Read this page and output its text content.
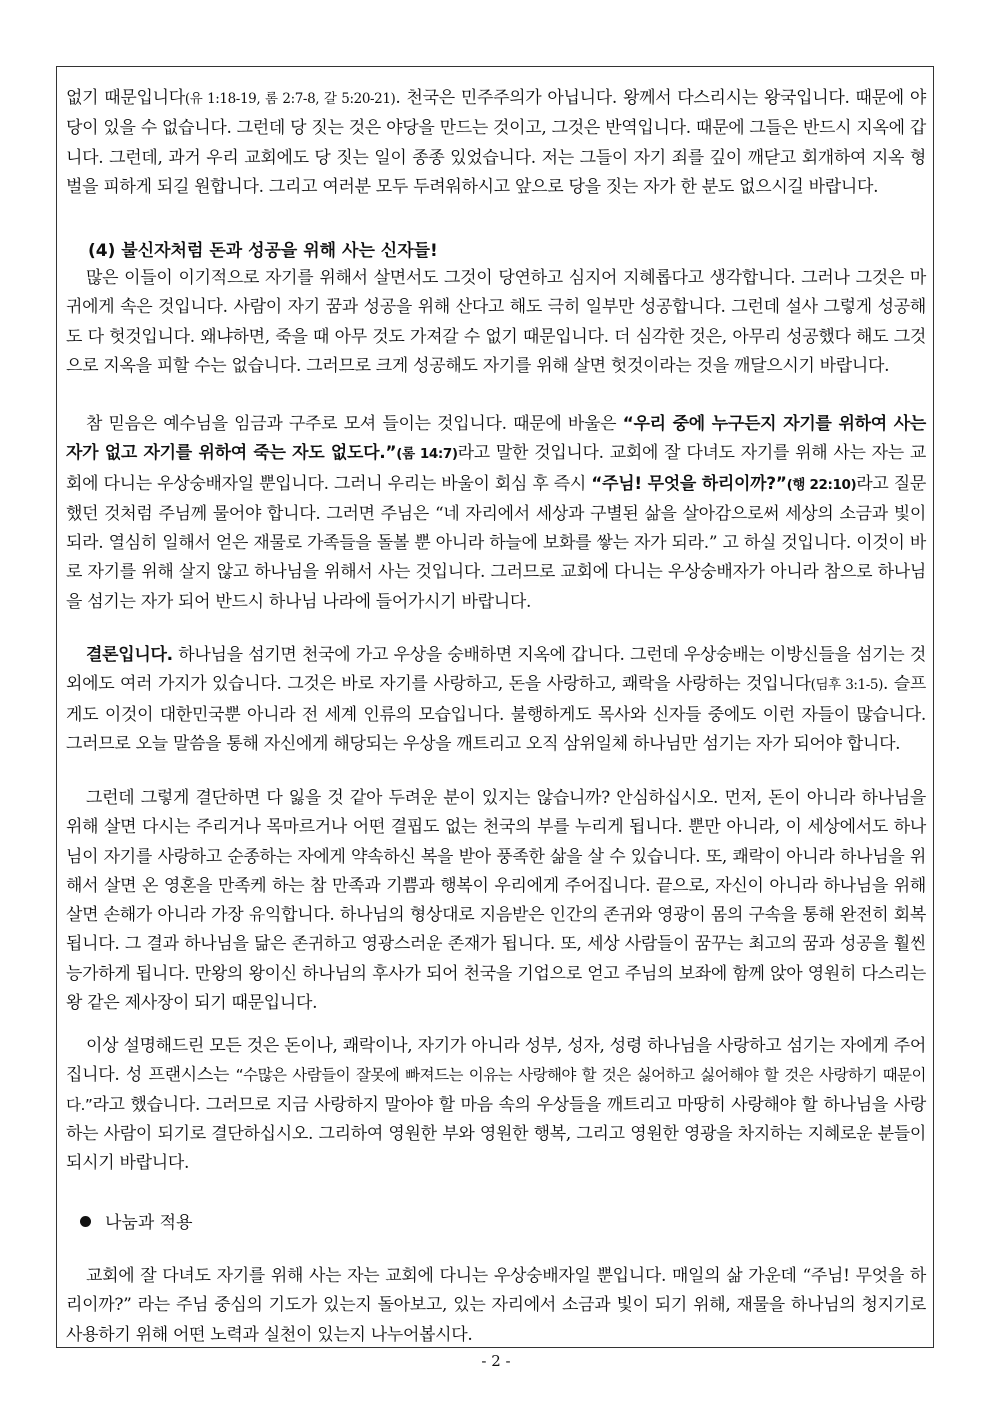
없기 때문입니다(유 1:18-19, 롬 2:7-8, 갈 5:20-21). 천국은 민주주의가 아닙니다. 왕께서 다스리시는 왕국입니다. 때문에 야당이 있을 수 없습니다. 그런데 당 짓는 것은 야당을 만드는 것이고, 그것은 반역입니다. 때문에 그들은 반드시 지옥에 갑니다. 그런데, 과거 우리 교회에도 당 짓는 일이 종종 있었습니다. 저는 그들이 자기 죄를 깊이 깨닫고 회개하여 지옥 형벌을 피하게 되길 원합니다. 그리고 여러분 모두 두려워하시고 앞으로 당을 짓는 자가 한 분도 없으시길 바랍니다.

(4) 불신자처럼 돈과 성공을 위해 사는 신자들!

많은 이들이 이기적으로 자기를 위해서 살면서도 그것이 당연하고 심지어 지혜롭다고 생각합니다. 그러나 그것은 마귀에게 속은 것입니다. 사람이 자기 꿈과 성공을 위해 산다고 해도 극히 일부만 성공합니다. 그런데 설사 그렇게 성공해도 다 헛것입니다. 왜냐하면, 죽을 때 아무 것도 가져갈 수 없기 때문입니다. 더 심각한 것은, 아무리 성공했다 해도 그것으로 지옥을 피할 수는 없습니다. 그러므로 크게 성공해도 자기를 위해 살면 헛것이라는 것을 깨달으시기 바랍니다.

참 믿음은 예수님을 임금과 구주로 모셔 들이는 것입니다. 때문에 바울은 “우리 중에 누구든지 자기를 위하여 사는 자가 없고 자기를 위하여 죽는 자도 없도다.”(롬 14:7)라고 말한 것입니다. 교회에 잘 다녀도 자기를 위해 사는 자는 교회에 다니는 우상숭배자일 뿐입니다. 그러니 우리는 바울이 회심 후 즉시 “주님! 무엇을 하리이까?”(행 22:10)라고 질문했던 것처럼 주님께 물어야 합니다. 그러면 주님은 “네 자리에서 세상과 구별된 삶을 살아감으로써 세상의 소금과 빛이 되라. 열심히 일해서 얻은 재물로 가족들을 돌볼 뿐 아니라 하늘에 보화를 쌓는 자가 되라.” 고 하실 것입니다. 이것이 바로 자기를 위해 살지 않고 하나님을 위해서 사는 것입니다. 그러므로 교회에 다니는 우상숭배자가 아니라 참으로 하나님을 섬기는 자가 되어 반드시 하나님 나라에 들어가시기 바랍니다.

결론입니다. 하나님을 섬기면 천국에 가고 우상을 숭배하면 지옥에 갑니다. 그런데 우상숭배는 이방신들을 섬기는 것 외에도 여러 가지가 있습니다. 그것은 바로 자기를 사랑하고, 돈을 사랑하고, 쾌락을 사랑하는 것입니다(딤후 3:1-5). 슬프게도 이것이 대한민국뿐 아니라 전 세계 인류의 모습입니다. 불행하게도 목사와 신자들 중에도 이런 자들이 많습니다. 그러므로 오늘 말씀을 통해 자신에게 해당되는 우상을 깨트리고 오직 삼위일체 하나님만 섬기는 자가 되어야 합니다.

그런데 그렇게 결단하면 다 잃을 것 같아 두려운 분이 있지는 않습니까? 안심하십시오. 먼저, 돈이 아니라 하나님을 위해 살면 다시는 주리거나 목마르거나 어떤 결핍도 없는 천국의 부를 누리게 됩니다. 뿐만 아니라, 이 세상에서도 하나님이 자기를 사랑하고 순종하는 자에게 약속하신 복을 받아 풍족한 삶을 살 수 있습니다. 또, 쾌락이 아니라 하나님을 위해서 살면 온 영혼을 만족케 하는 참 만족과 기쁨과 행복이 우리에게 주어집니다. 끝으로, 자신이 아니라 하나님을 위해 살면 손해가 아니라 가장 유익합니다. 하나님의 형상대로 지음받은 인간의 존귀와 영광이 몸의 구속을 통해 완전히 회복됩니다. 그 결과 하나님을 닮은 존귀하고 영광스러운 존재가 됩니다. 또, 세상 사람들이 꿈꾸는 최고의 꿈과 성공을 훨씬 능가하게 됩니다. 만왕의 왕이신 하나님의 후사가 되어 천국을 기업으로 얻고 주님의 보좌에 함께 앉아 영원히 다스리는 왕 같은 제사장이 되기 때문입니다.

이상 설명해드린 모든 것은 돈이나, 쾌락이나, 자기가 아니라 성부, 성자, 성령 하나님을 사랑하고 섬기는 자에게 주어집니다. 성 프랜시스는 “수많은 사람들이 잘못에 빠져드는 이유는 사랑해야 할 것은 싫어하고 싫어해야 할 것은 사랑하기 때문이다.”라고 했습니다. 그러므로 지금 사랑하지 말아야 할 마음 속의 우상들을 깨트리고 마땅히 사랑해야 할 하나님을 사랑하는 사람이 되기로 결단하십시오. 그리하여 영원한 부와 영원한 행복, 그리고 영원한 영광을 차지하는 지혜로운 분들이 되시기 바랍니다.

나눔과 적용

교회에 잘 다녀도 자기를 위해 사는 자는 교회에 다니는 우상숭배자일 뿐입니다. 매일의 삶 가운데 “주님! 무엇을 하리이까?” 라는 주님 중심의 기도가 있는지 돌아보고, 있는 자리에서 소금과 빛이 되기 위해, 재물을 하나님의 청지기로 사용하기 위해 어떤 노력과 실천이 있는지 나누어봅시다.

- 2 -
